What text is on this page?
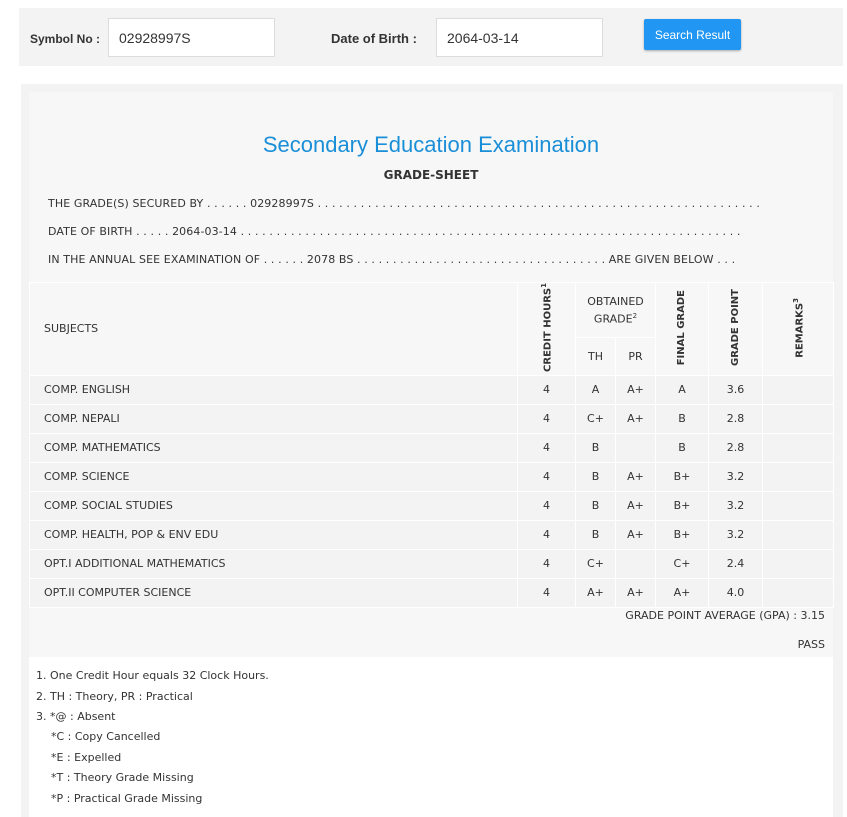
Symbol No :
02928997S	Date of Birth :
2064-03-14	Search Result
Secondary Education Examination
GRADE-SHEET
THE GRADE(S) SECURED BY . . . . . . 02928997S . . . . . . . . . . . . . . . . . . . . . . . . . . . . . . . . . . . . . . . . . . . . . . . . . . . . . . . . . . . . . .
DATE OF BIRTH . . . . . 2064-03-14 . . . . . . . . . . . . . . . . . . . . . . . . . . . . . . . . . . . . . . . . . . . . . . . . . . . . . . . . . . . . . . . . . . . . . .
IN THE ANNUAL SEE EXAMINATION OF . . . . . . 2078 BS . . . . . . . . . . . . . . . . . . . . . . . . . . . . . . . . . . . ARE GIVEN BELOW . . .
SUBJECTS	CREDIT HOURS$^1$	OBTAINED GRADE$^2$		FINAL GRADE	GRADE POINT	REMARKS$^3$
		TH	PR			
COMP. ENGLISH	4	A	A+	A	3.6	
COMP. NEPALI	4	C+	A+	B	2.8	
COMP. MATHEMATICS	4	B		B	2.8	
COMP. SCIENCE	4	B	A+	B+	3.2	
COMP. SOCIAL STUDIES	4	B	A+	B+	3.2	
COMP. HEALTH, POP & ENV EDU	4	B	A+	B+	3.2	
OPT.I ADDITIONAL MATHEMATICS	4	C+		C+	2.4	
OPT.II COMPUTER SCIENCE	4	A+	A+	A+	4.0	
GRADE POINT AVERAGE (GPA) : 3.15
PASS
1. One Credit Hour equals 32 Clock Hours.
2. TH : Theory, PR : Practical
3. *@ : Absent
*C : Copy Cancelled
*E : Expelled
*T : Theory Grade Missing
*P : Practical Grade Missing
